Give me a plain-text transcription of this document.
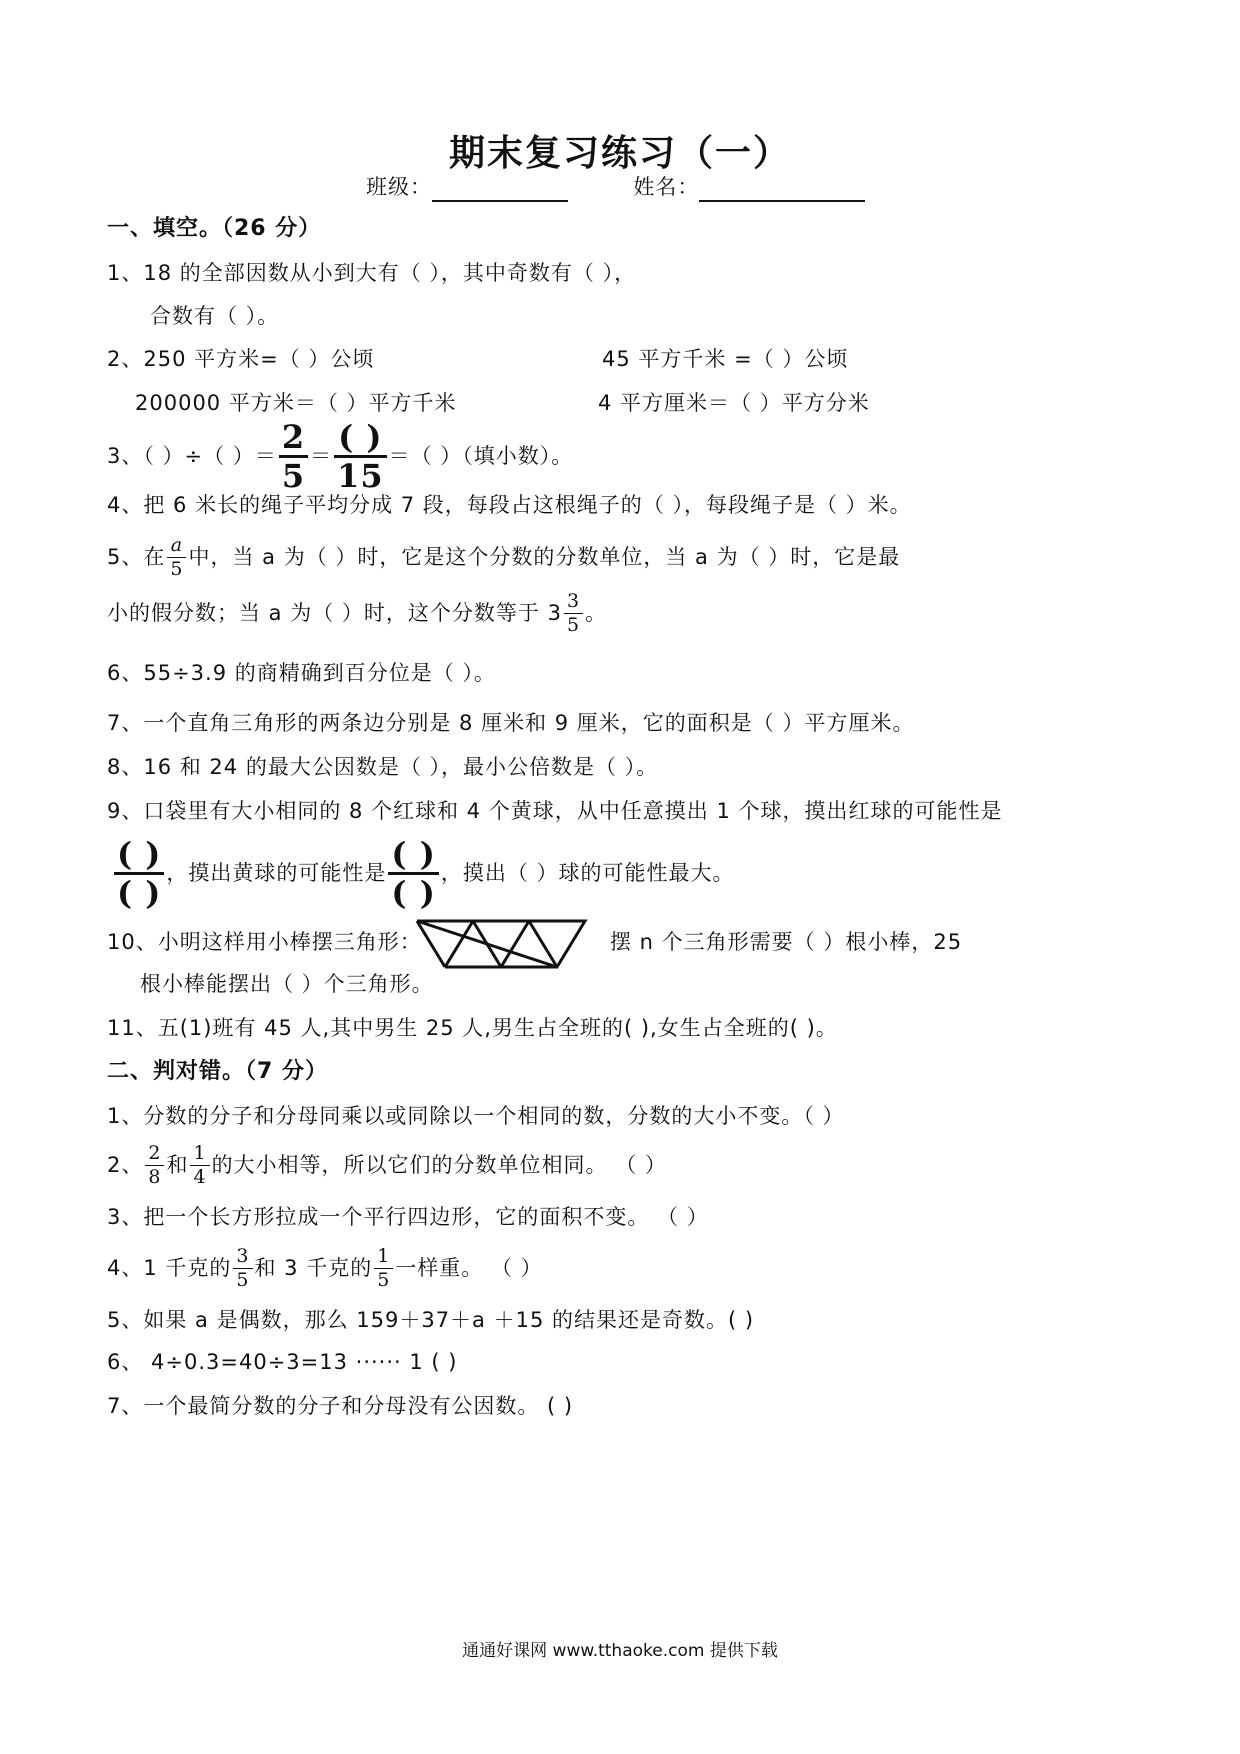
期末复习练习（一）
班级：	姓名：
一、填空。（26 分）
1、18 的全部因数从小到大有（ ），其中奇数有（ ），
合数有（ ）。
2、250 平方米=（ ）公顷	45 平方千米 =（ ）公顷
200000 平方米＝（ ）平方千米	4 平方厘米＝（ ）平方分米
3、（ ）÷（ ）＝ $\frac{2}{5} = \frac{( )}{15}$ ＝（ ）（填小数）。
4、把 6 米长的绳子平均分成 7 段，每段占这根绳子的（ ），每段绳子是（ ）米。
5、在 $\frac{a}{5}$ 中，当 a 为（ ）时，它是这个分数的分数单位，当 a 为（ ）时，它是最
小的假分数；当 a 为（ ）时，这个分数等于 $3 \frac{3}{5}$ 。
6、55÷3.9 的商精确到百分位是（ ）。
7、一个直角三角形的两条边分别是 8 厘米和 9 厘米，它的面积是（ ）平方厘米。
8、16 和 24 的最大公因数是（ ），最小公倍数是（ ）。
9、口袋里有大小相同的 8 个红球和 4 个黄球，从中任意摸出 1 个球，摸出红球的可能性是
$\frac{( )}{( )}$ ，摸出黄球的可能性是 $\frac{( )}{( )}$ ，摸出（ ）球的可能性最大。
10、小明这样用小棒摆三角形：	摆 n 个三角形需要（ ）根小棒，25
根小棒能摆出（ ）个三角形。
11、五(1)班有 45 人,其中男生 25 人,男生占全班的( ),女生占全班的( )。
二、判对错。（7 分）
1、分数的分子和分母同乘以或同除以一个相同的数，分数的大小不变。（ ）
2、 $\frac{2}{8}$ 和 $\frac{1}{4}$ 的大小相等，所以它们的分数单位相同。 （ ）
3、把一个长方形拉成一个平行四边形，它的面积不变。 （ ）
4、1 千克的 $\frac{3}{5}$ 和 3 千克的 $\frac{1}{5}$ 一样重。 （ ）
5、如果 a 是偶数，那么 159＋37＋a ＋15 的结果还是奇数。( )
6、 4÷0.3=40÷3=13 ······ 1 ( )
7、一个最简分数的分子和分母没有公因数。 ( )
通通好课网 www.tthaoke.com 提供下载
